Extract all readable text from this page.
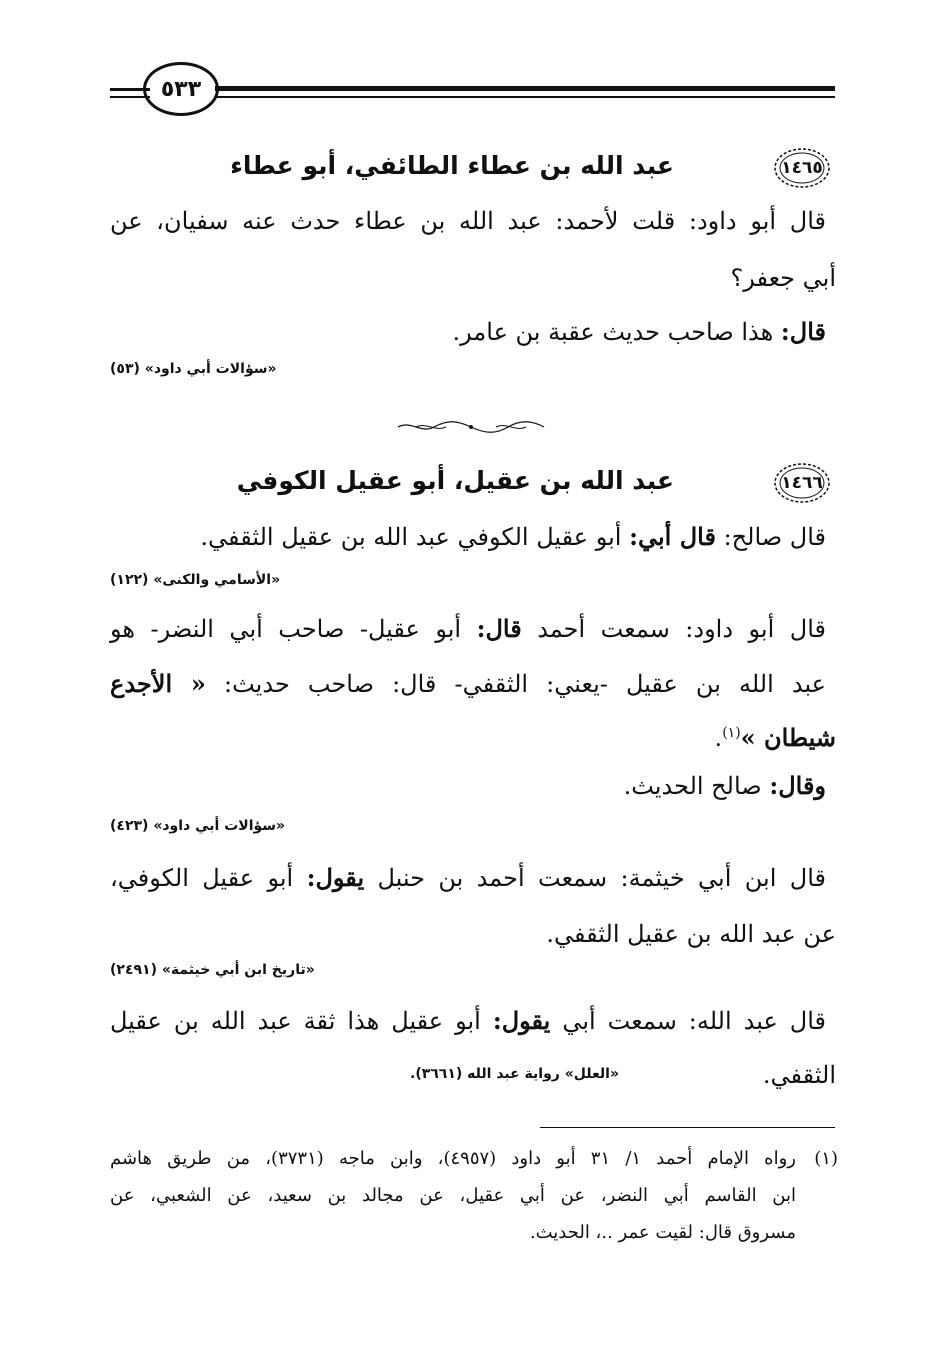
٥٣٣
١٤٦٥
عبد الله بن عطاء الطائفي، أبو عطاء
قال أبو داود: قلت لأحمد: عبد الله بن عطاء حدث عنه سفيان، عن
أبي جعفر؟
قال: هذا صاحب حديث عقبة بن عامر.
«سؤالات أبي داود» (٥٣)
١٤٦٦
عبد الله بن عقيل، أبو عقيل الكوفي
قال صالح: قال أبي: أبو عقيل الكوفي عبد الله بن عقيل الثقفي.
«الأسامي والكنى» (١٢٢)
قال أبو داود: سمعت أحمد قال: أبو عقيل- صاحب أبي النضر- هو
عبد الله بن عقيل -يعني: الثقفي- قال: صاحب حديث: « الأجدع
شيطان »$^{(١)}$.
وقال: صالح الحديث.
«سؤالات أبي داود» (٤٢٣)
قال ابن أبي خيثمة: سمعت أحمد بن حنبل يقول: أبو عقيل الكوفي،
عن عبد الله بن عقيل الثقفي.
«تاريخ ابن أبي خيثمة» (٢٤٩١)
قال عبد الله: سمعت أبي يقول: أبو عقيل هذا ثقة عبد الله بن عقيل
الثقفي.
«العلل» رواية عبد الله (٣٦٦١).
(١)
رواه الإمام أحمد ١/ ٣١ أبو داود (٤٩٥٧)، وابن ماجه (٣٧٣١)، من طريق هاشم
ابن القاسم أبي النضر، عن أبي عقيل، عن مجالد بن سعيد، عن الشعبي، عن
مسروق قال: لقيت عمر ..، الحديث.
